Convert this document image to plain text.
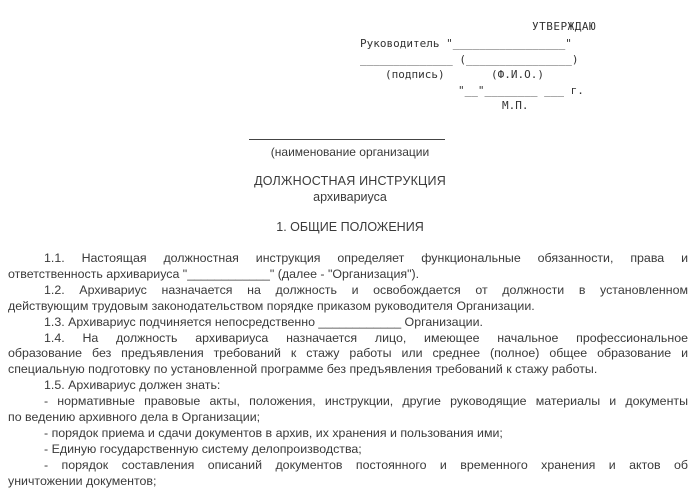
УТВЕРЖДАЮ
Руководитель "_________________"
______________ (________________)
(подпись)       (Ф.И.О.)
"__"________ ___ г.
М.П.
(наименование организации
ДОЛЖНОСТНАЯ ИНСТРУКЦИЯ
архивариуса
1. ОБЩИЕ ПОЛОЖЕНИЯ
1.1. Настоящая должностная инструкция определяет функциональные обязанности, права и
ответственность архивариуса "____________" (далее - "Организация").
1.2. Архивариус назначается на должность и освобождается от должности в установленном
действующим трудовым законодательством порядке приказом руководителя Организации.
1.3. Архивариус подчиняется непосредственно ____________ Организации.
1.4. На должность архивариуса назначается лицо, имеющее начальное профессиональное
образование без предъявления требований к стажу работы или среднее (полное) общее образование и
специальную подготовку по установленной программе без предъявления требований к стажу работы.
1.5. Архивариус должен знать:
- нормативные правовые акты, положения, инструкции, другие руководящие материалы и документы
по ведению архивного дела в Организации;
- порядок приема и сдачи документов в архив, их хранения и пользования ими;
- Единую государственную систему делопроизводства;
- порядок составления описаний документов постоянного и временного хранения и актов об
уничтожении документов;
